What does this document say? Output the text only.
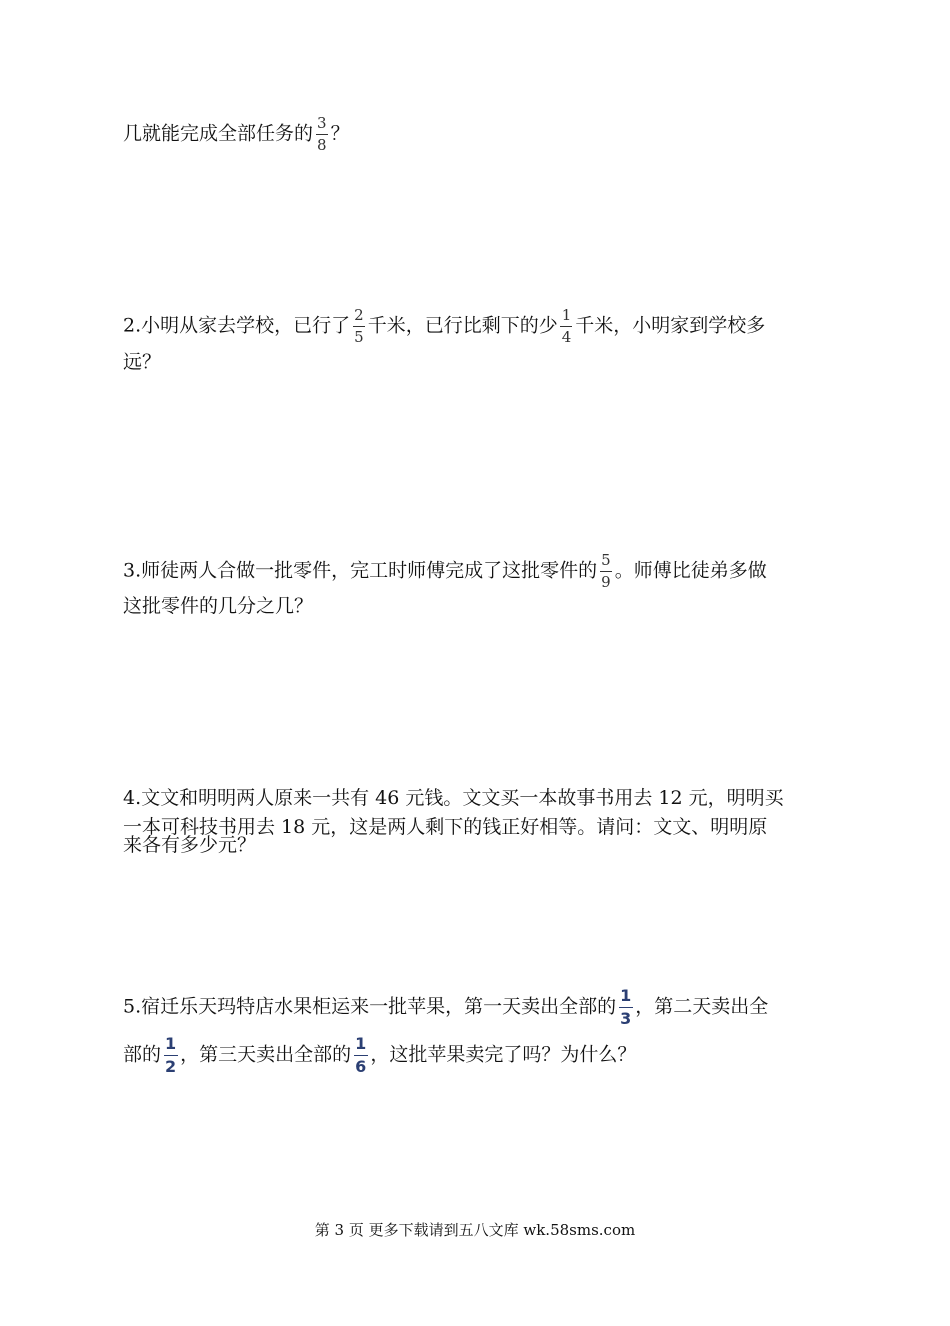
几就能完成全部任务的 $\frac{3}{8}$ ？
2.小明从家去学校，已行了 $\frac{2}{5}$ 千米，已行比剩下的少 $\frac{1}{4}$ 千米，小明家到学校多
远？
3.师徒两人合做一批零件，完工时师傅完成了这批零件的 $\frac{5}{9}$ 。师傅比徒弟多做
这批零件的几分之几？
4.文文和明明两人原来一共有 46 元钱。文文买一本故事书用去 12 元，明明买
一本可科技书用去 18 元，这是两人剩下的钱正好相等。请问：文文、明明原
来各有多少元？
5.宿迁乐天玛特店水果柜运来一批苹果，第一天卖出全部的 $\frac{1}{3}$ ，第二天卖出全
部的 $\frac{1}{2}$ ，第三天卖出全部的 $\frac{1}{6}$ ，这批苹果卖完了吗？为什么？
第 3 页 更多下载请到五八文库 wk.58sms.com
